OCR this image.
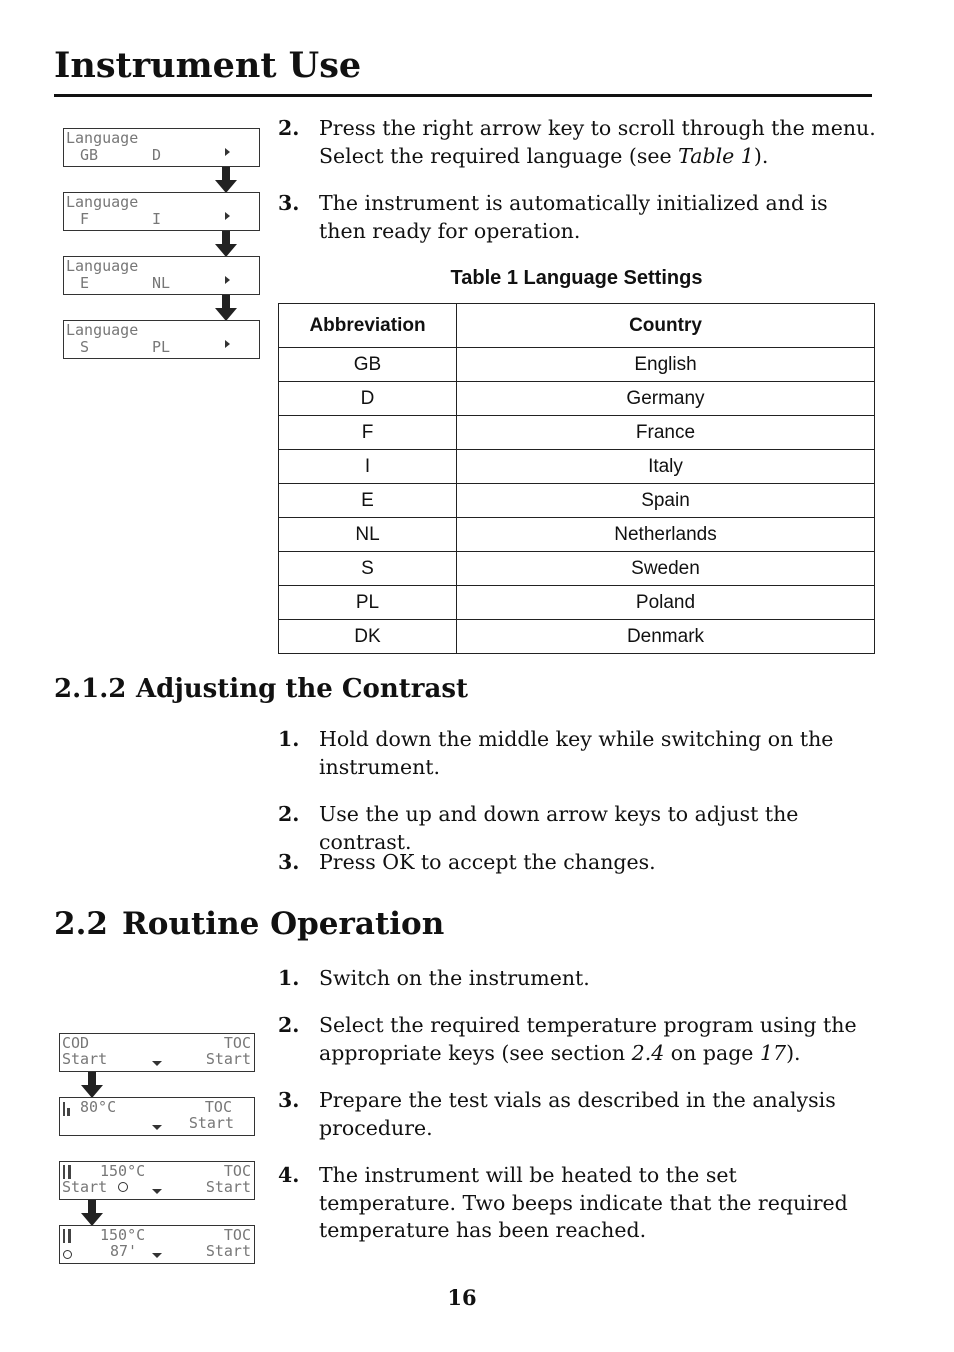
Instrument Use
Language
GB	D
Language
F	I
Language
E	NL
Language
S	PL
2. Press the right arrow key to scroll through the menu. Select the required language (see Table 1).
3. The instrument is automatically initialized and is then ready for operation.
Table 1 Language Settings
Abbreviation	Country
GB	English
D	Germany
F	France
I	Italy
E	Spain
NL	Netherlands
S	Sweden
PL	Poland
DK	Denmark
2.1.2 Adjusting the Contrast
1. Hold down the middle key while switching on the instrument.
2. Use the up and down arrow keys to adjust the contrast.
3. Press OK to accept the changes.
2.2 Routine Operation
1. Switch on the instrument.
2. Select the required temperature program using the appropriate keys (see section 2.4 on page 17).
3. Prepare the test vials as described in the analysis procedure.
4. The instrument will be heated to the set temperature. Two beeps indicate that the required temperature has been reached.
COD	TOC
Start	Start
80°C	TOC
Start
150°C	TOC
Start	Start
150°C	TOC
87'	Start
16
